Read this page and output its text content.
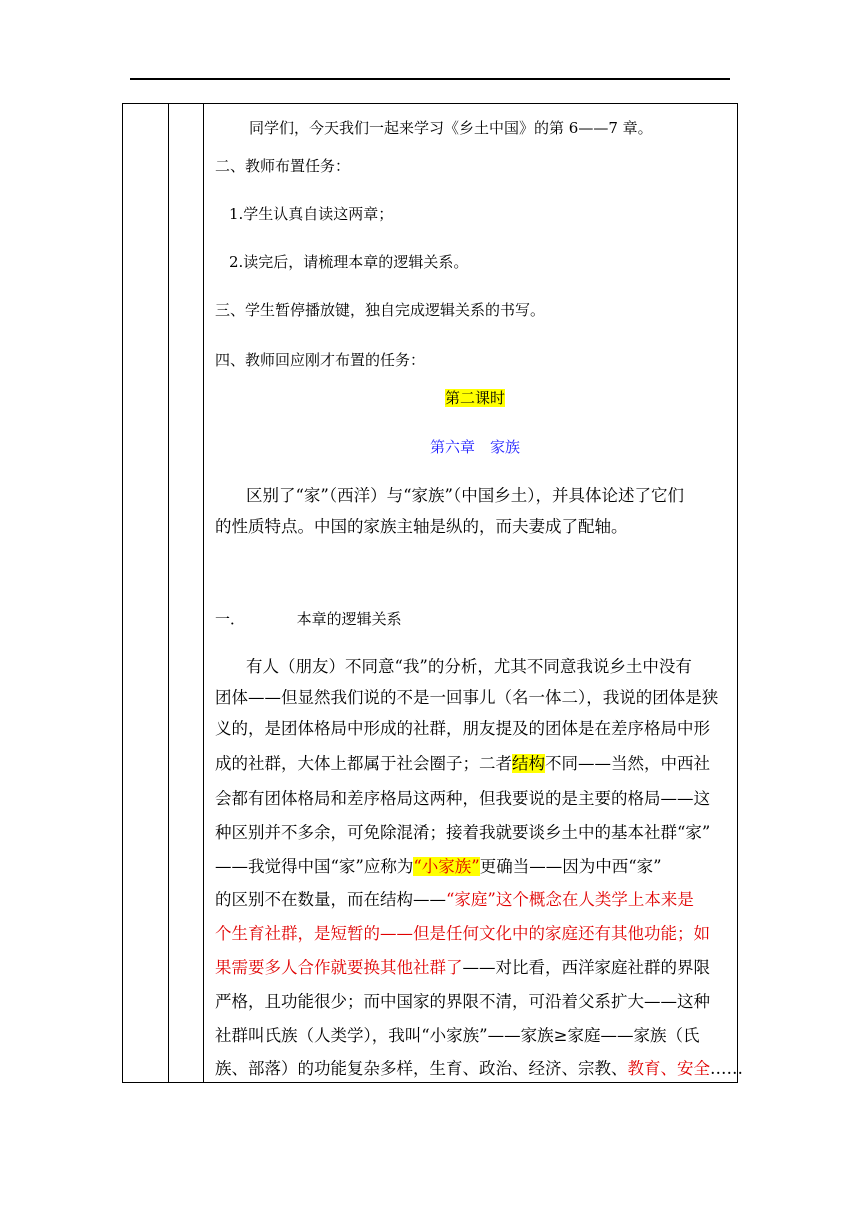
同学们，今天我们一起来学习《乡土中国》的第 6——7 章。
二、教师布置任务：
1.学生认真自读这两章；
2.读完后，请梳理本章的逻辑关系。
三、学生暂停播放键，独自完成逻辑关系的书写。
四、教师回应刚才布置的任务：
第二课时
第六章　家族
区别了“家”（西洋）与“家族”（中国乡土），并具体论述了它们
的性质特点。中国的家族主轴是纵的，而夫妻成了配轴。
一．	本章的逻辑关系
有人（朋友）不同意“我”的分析，尤其不同意我说乡土中没有
团体——但显然我们说的不是一回事儿（名一体二），我说的团体是狭
义的，是团体格局中形成的社群，朋友提及的团体是在差序格局中形
成的社群，大体上都属于社会圈子；二者结构不同——当然，中西社
会都有团体格局和差序格局这两种，但我要说的是主要的格局——这
种区别并不多余，可免除混淆；接着我就要谈乡土中的基本社群“家”
——我觉得中国“家”应称为“小家族”更确当——因为中西“家”
的区别不在数量，而在结构——“家庭”这个概念在人类学上本来是
个生育社群，是短暂的——但是任何文化中的家庭还有其他功能；如
果需要多人合作就要换其他社群了——对比看，西洋家庭社群的界限
严格，且功能很少；而中国家的界限不清，可沿着父系扩大——这种
社群叫氏族（人类学），我叫“小家族”——家族≥家庭——家族（氏
族、部落）的功能复杂多样，生育、政治、经济、宗教、教育、安全……
